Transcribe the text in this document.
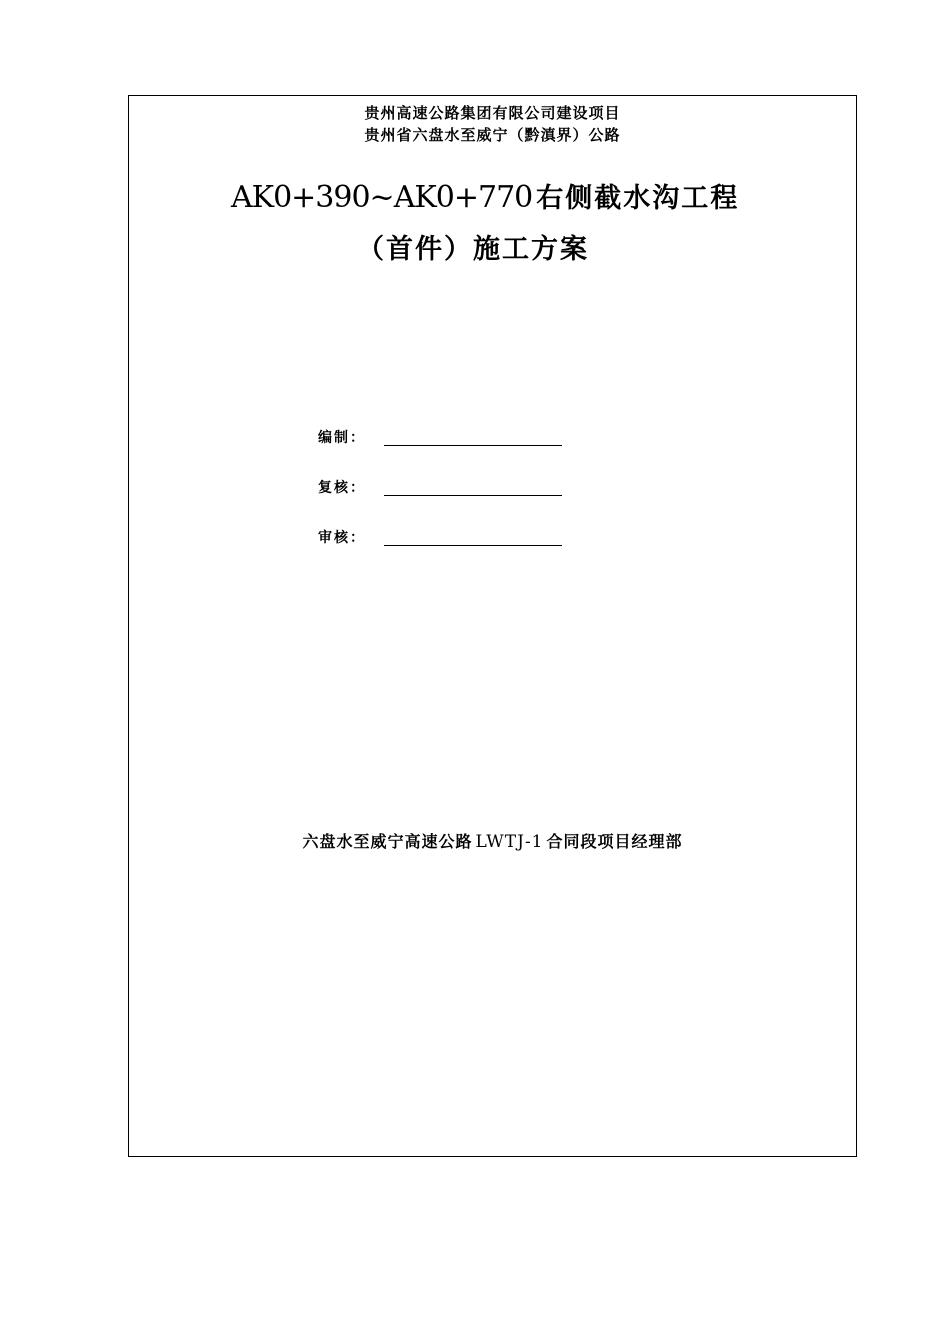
贵州高速公路集团有限公司建设项目
贵州省六盘水至威宁（黔滇界）公路
AK0+390~AK0+770 右侧截水沟工程
（首件）施工方案
编制：
复核：
审核：
六盘水至威宁高速公路 LWTJ-1 合同段项目经理部
